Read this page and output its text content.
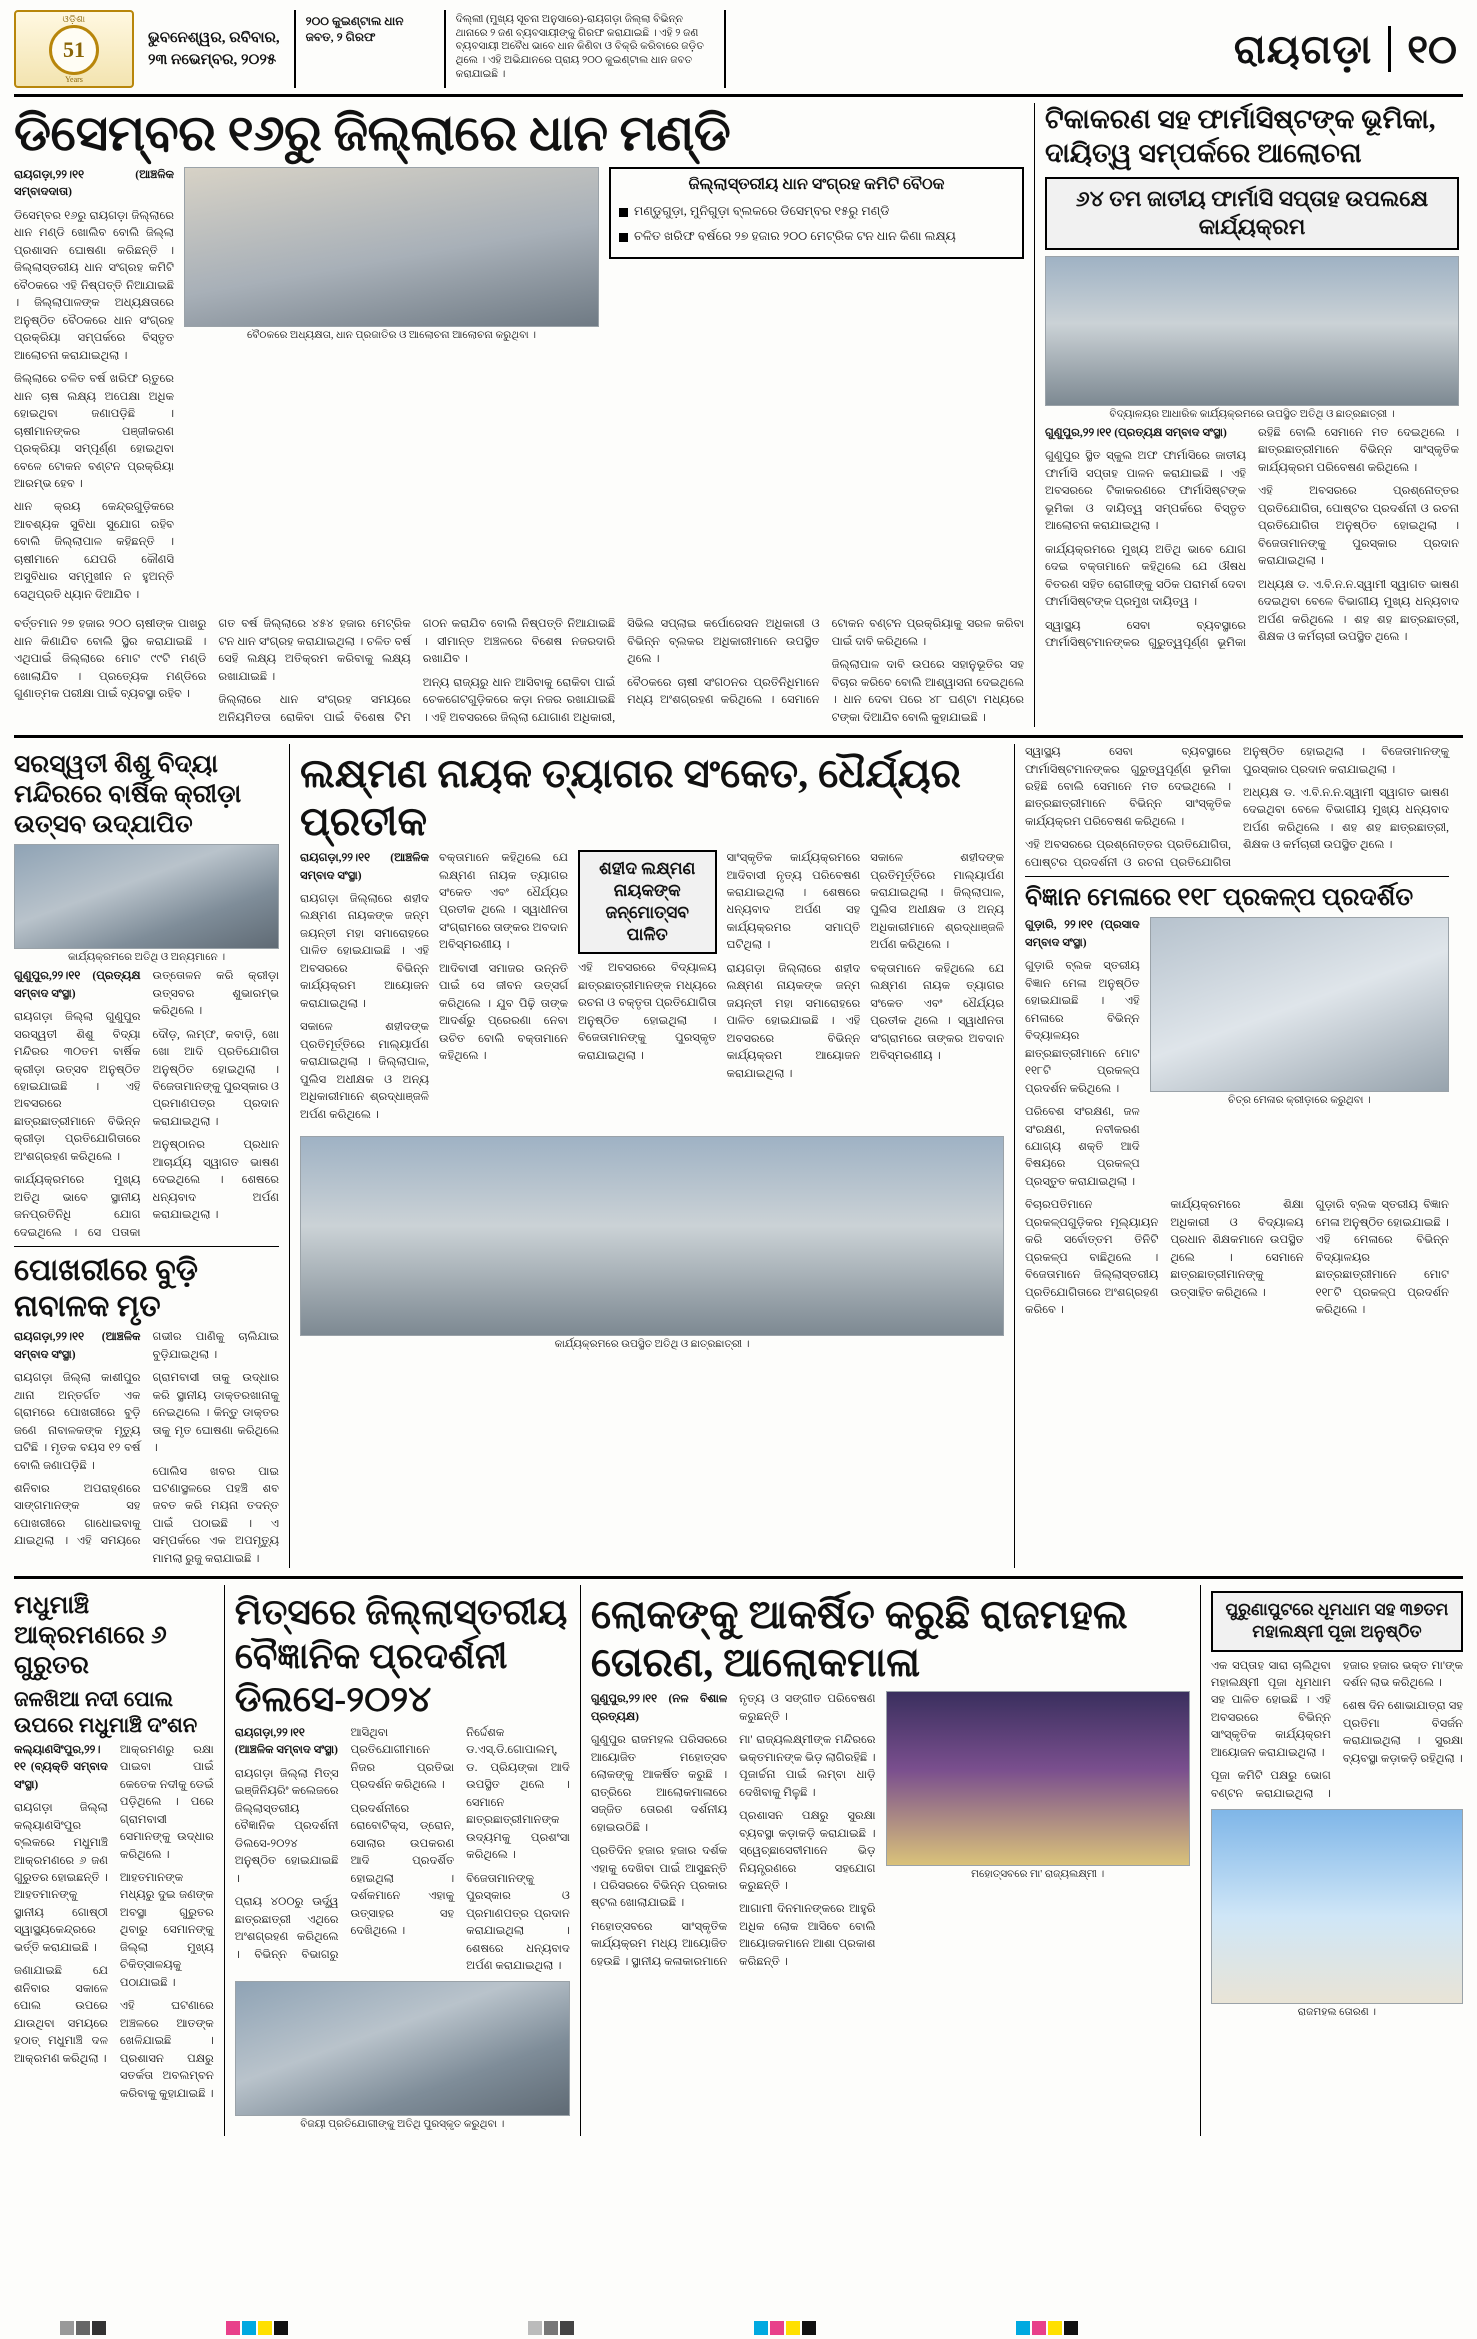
ଓଡ଼ିଶା
51
Years
ଭୁବନେଶ୍ୱର, ରବିବାର,
୨୩ ନଭେମ୍ବର, ୨୦୨୫
୨୦୦ କୁଇଣ୍ଟାଲ ଧାନ ଜବତ, ୨ ଗିରଫ
ଦିଲ୍ଲୀ (ମୁଖ୍ୟ ସୂଚନା ଅନୁସାରେ)-ରାୟଗଡ଼ା ଜିଲ୍ଲା ବିଭିନ୍ନ ଥାନାରେ ୨ ଜଣ ବ୍ୟବସାୟୀଙ୍କୁ ଗିରଫ କରାଯାଇଛି । ଏହି ୨ ଜଣ ବ୍ୟବସାୟୀ ଅବୈଧ ଭାବେ ଧାନ କିଣିବା ଓ ବିକ୍ରି କରିବାରେ ଜଡ଼ିତ ଥିଲେ । ଏହି ଅଭିଯାନରେ ପ୍ରାୟ ୨୦୦ କୁଇଣ୍ଟାଲ ଧାନ ଜବତ କରାଯାଇଛି ।
ରାୟଗଡ଼ା ୧୦
ଡିସେମ୍ବର ୧୬ରୁ ଜିଲ୍ଲାରେ ଧାନ ମଣ୍ଡି

ରାୟଗଡ଼ା,୨୨।୧୧ (ଆଞ୍ଚଳିକ ସମ୍ବାଦଦାତା)

ଡିସେମ୍ବର ୧୬ରୁ ରାୟଗଡ଼ା ଜିଲ୍ଲାରେ ଧାନ ମଣ୍ଡି ଖୋଲିବ ବୋଲି ଜିଲ୍ଲା ପ୍ରଶାସନ ଘୋଷଣା କରିଛନ୍ତି । ଜିଲ୍ଲାସ୍ତରୀୟ ଧାନ ସଂଗ୍ରହ କମିଟି ବୈଠକରେ ଏହି ନିଷ୍ପତ୍ତି ନିଆଯାଇଛି । ଜିଲ୍ଲାପାଳଙ୍କ ଅଧ୍ୟକ୍ଷତାରେ ଅନୁଷ୍ଠିତ ବୈଠକରେ ଧାନ ସଂଗ୍ରହ ପ୍ରକ୍ରିୟା ସମ୍ପର୍କରେ ବିସ୍ତୃତ ଆଲୋଚନା କରାଯାଇଥିଲା ।

ଜିଲ୍ଲାରେ ଚଳିତ ବର୍ଷ ଖରିଫ ଋତୁରେ ଧାନ ଚାଷ ଲକ୍ଷ୍ୟ ଅପେକ୍ଷା ଅଧିକ ହୋଇଥିବା ଜଣାପଡ଼ିଛି । ଚାଷୀମାନଙ୍କର ପଞ୍ଜୀକରଣ ପ୍ରକ୍ରିୟା ସମ୍ପୂର୍ଣ୍ଣ ହୋଇଥିବା ବେଳେ ଟୋକନ ବଣ୍ଟନ ପ୍ରକ୍ରିୟା ଆରମ୍ଭ ହେବ ।

ଧାନ କ୍ରୟ କେନ୍ଦ୍ରଗୁଡ଼ିକରେ ଆବଶ୍ୟକ ସୁବିଧା ସୁଯୋଗ ରହିବ ବୋଲି ଜିଲ୍ଲାପାଳ କହିଛନ୍ତି । ଚାଷୀମାନେ ଯେପରି କୌଣସି ଅସୁବିଧାର ସମ୍ମୁଖୀନ ନ ହୁଅନ୍ତି ସେଥିପ୍ରତି ଧ୍ୟାନ ଦିଆଯିବ ।

ବୈଠକରେ ଅଧ୍ୟକ୍ଷତା, ଧାନ ପ୍ରଜାତିର ଓ ଆଲୋଚନା ଆଲୋଚନା କରୁଥିବା ।
ଜିଲ୍ଲାସ୍ତରୀୟ ଧାନ ସଂଗ୍ରହ କମିଟି ବୈଠକ
ମଣ୍ଡୁଗୁଡ଼ା, ମୁନିଗୁଡ଼ା ବ୍ଲକରେ ଡିସେମ୍ବର ୧୫ରୁ ମଣ୍ଡି
ଚଳିତ ଖରିଫ ବର୍ଷରେ ୨୭ ହଜାର ୨୦୦ ମେଟ୍ରିକ ଟନ ଧାନ କିଣା ଲକ୍ଷ୍ୟ

ବର୍ତ୍ତମାନ ୨୭ ହଜାର ୨୦୦ ଚାଷୀଙ୍କ ପାଖରୁ ଧାନ କିଣାଯିବ ବୋଲି ସ୍ଥିର କରାଯାଇଛି । ଏଥିପାଇଁ ଜିଲ୍ଲାରେ ମୋଟ ୯୯ଟି ମଣ୍ଡି ଖୋଲାଯିବ । ପ୍ରତ୍ୟେକ ମଣ୍ଡିରେ ଗୁଣାତ୍ମକ ପରୀକ୍ଷା ପାଇଁ ବ୍ୟବସ୍ଥା ରହିବ ।

ଗତ ବର୍ଷ ଜିଲ୍ଲାରେ ୪୫୪ ହଜାର ମେଟ୍ରିକ ଟନ ଧାନ ସଂଗ୍ରହ କରାଯାଇଥିଲା । ଚଳିତ ବର୍ଷ ସେହି ଲକ୍ଷ୍ୟ ଅତିକ୍ରମ କରିବାକୁ ଲକ୍ଷ୍ୟ ରଖାଯାଇଛି ।

ଜିଲ୍ଲାରେ ଧାନ ସଂଗ୍ରହ ସମୟରେ ଅନିୟମିତତା ରୋକିବା ପାଇଁ ବିଶେଷ ଟିମ ଗଠନ କରାଯିବ ବୋଲି ନିଷ୍ପତ୍ତି ନିଆଯାଇଛି । ସୀମାନ୍ତ ଅଞ୍ଚଳରେ ବିଶେଷ ନଜରଦାରି ରଖାଯିବ ।

ଅନ୍ୟ ରାଜ୍ୟରୁ ଧାନ ଆସିବାକୁ ରୋକିବା ପାଇଁ ଚେକଗେଟଗୁଡ଼ିକରେ କଡ଼ା ନଜର ରଖାଯାଇଛି । ଏହି ଅବସରରେ ଜିଲ୍ଲା ଯୋଗାଣ ଅଧିକାରୀ, ସିଭିଲ ସପ୍ଲାଇ କର୍ପୋରେସନ ଅଧିକାରୀ ଓ ବିଭିନ୍ନ ବ୍ଲକର ଅଧିକାରୀମାନେ ଉପସ୍ଥିତ ଥିଲେ ।

ବୈଠକରେ ଚାଷୀ ସଂଗଠନର ପ୍ରତିନିଧିମାନେ ମଧ୍ୟ ଅଂଶଗ୍ରହଣ କରିଥିଲେ । ସେମାନେ ଟୋକନ ବଣ୍ଟନ ପ୍ରକ୍ରିୟାକୁ ସରଳ କରିବା ପାଇଁ ଦାବି କରିଥିଲେ ।

ଜିଲ୍ଲାପାଳ ଦାବି ଉପରେ ସହାନୁଭୂତିର ସହ ବିଚାର କରିବେ ବୋଲି ଆଶ୍ୱାସନା ଦେଇଥିଲେ । ଧାନ ଦେବା ପରେ ୪୮ ଘଣ୍ଟା ମଧ୍ୟରେ ଟଙ୍କା ଦିଆଯିବ ବୋଲି କୁହାଯାଇଛି ।

ଟିକାକରଣ ସହ ଫାର୍ମାସିଷ୍ଟଙ୍କ ଭୂମିକା, ଦାୟିତ୍ୱ ସମ୍ପର୍କରେ ଆଲୋଚନା
୬୪ ତମ ଜାତୀୟ ଫାର୍ମାସି ସପ୍ତାହ ଉପଲକ୍ଷେ କାର୍ଯ୍ୟକ୍ରମ
ବିଦ୍ୟାଳୟର ଆଧାରିକ କାର୍ଯ୍ୟକ୍ରମରେ ଉପସ୍ଥିତ ଅତିଥି ଓ ଛାତ୍ରଛାତ୍ରୀ ।

ଗୁଣୁପୁର,୨୨।୧୧ (ପ୍ରତ୍ୟକ୍ଷ ସମ୍ବାଦ ସଂସ୍ଥା)

ଗୁଣୁପୁର ସ୍ଥିତ ସ୍କୁଲ ଅଫ ଫାର୍ମାସିରେ ଜାତୀୟ ଫାର୍ମାସି ସପ୍ତାହ ପାଳନ କରାଯାଇଛି । ଏହି ଅବସରରେ ଟିକାକରଣରେ ଫାର୍ମାସିଷ୍ଟଙ୍କ ଭୂମିକା ଓ ଦାୟିତ୍ୱ ସମ୍ପର୍କରେ ବିସ୍ତୃତ ଆଲୋଚନା କରାଯାଇଥିଲା ।

କାର୍ଯ୍ୟକ୍ରମରେ ମୁଖ୍ୟ ଅତିଥି ଭାବେ ଯୋଗ ଦେଇ ବକ୍ତାମାନେ କହିଥିଲେ ଯେ ଔଷଧ ବିତରଣ ସହିତ ରୋଗୀଙ୍କୁ ସଠିକ ପରାମର୍ଶ ଦେବା ଫାର୍ମାସିଷ୍ଟଙ୍କ ପ୍ରମୁଖ ଦାୟିତ୍ୱ ।

ସ୍ୱାସ୍ଥ୍ୟ ସେବା ବ୍ୟବସ୍ଥାରେ ଫାର୍ମାସିଷ୍ଟମାନଙ୍କର ଗୁରୁତ୍ୱପୂର୍ଣ୍ଣ ଭୂମିକା ରହିଛି ବୋଲି ସେମାନେ ମତ ଦେଇଥିଲେ । ଛାତ୍ରଛାତ୍ରୀମାନେ ବିଭିନ୍ନ ସାଂସ୍କୃତିକ କାର୍ଯ୍ୟକ୍ରମ ପରିବେଷଣ କରିଥିଲେ ।

ଏହି ଅବସରରେ ପ୍ରଶ୍ନୋତ୍ତର ପ୍ରତିଯୋଗିତା, ପୋଷ୍ଟର ପ୍ରଦର୍ଶନୀ ଓ ରଚନା ପ୍ରତିଯୋଗିତା ଅନୁଷ୍ଠିତ ହୋଇଥିଲା । ବିଜେତାମାନଙ୍କୁ ପୁରସ୍କାର ପ୍ରଦାନ କରାଯାଇଥିଲା ।

ଅଧ୍ୟକ୍ଷ ଡ. ଏ.ବି.ନ.ନ.ସ୍ୱାମୀ ସ୍ୱାଗତ ଭାଷଣ ଦେଇଥିବା ବେଳେ ବିଭାଗୀୟ ମୁଖ୍ୟ ଧନ୍ୟବାଦ ଅର୍ପଣ କରିଥିଲେ । ଶହ ଶହ ଛାତ୍ରଛାତ୍ରୀ, ଶିକ୍ଷକ ଓ କର୍ମଚାରୀ ଉପସ୍ଥିତ ଥିଲେ ।

ସରସ୍ୱତୀ ଶିଶୁ ବିଦ୍ୟା ମନ୍ଦିରରେ ବାର୍ଷିକ କ୍ରୀଡ଼ା ଉତ୍ସବ ଉଦ୍‌ଯାପିତ
କାର୍ଯ୍ୟକ୍ରମରେ ଅତିଥି ଓ ଅନ୍ୟମାନେ ।

ଗୁଣୁପୁର,୨୨।୧୧ (ପ୍ରତ୍ୟକ୍ଷ ସମ୍ବାଦ ସଂସ୍ଥା)

ରାୟଗଡ଼ା ଜିଲ୍ଲା ଗୁଣୁପୁର ସରସ୍ୱତୀ ଶିଶୁ ବିଦ୍ୟା ମନ୍ଦିରର ୩୦ତମ ବାର୍ଷିକ କ୍ରୀଡ଼ା ଉତ୍ସବ ଅନୁଷ୍ଠିତ ହୋଇଯାଇଛି । ଏହି ଅବସରରେ ଛାତ୍ରଛାତ୍ରୀମାନେ ବିଭିନ୍ନ କ୍ରୀଡ଼ା ପ୍ରତିଯୋଗିତାରେ ଅଂଶଗ୍ରହଣ କରିଥିଲେ ।

କାର୍ଯ୍ୟକ୍ରମରେ ମୁଖ୍ୟ ଅତିଥି ଭାବେ ସ୍ଥାନୀୟ ଜନପ୍ରତିନିଧି ଯୋଗ ଦେଇଥିଲେ । ସେ ପତାକା ଉତ୍ତୋଳନ କରି କ୍ରୀଡ଼ା ଉତ୍ସବର ଶୁଭାରମ୍ଭ କରିଥିଲେ ।

ଦୌଡ଼, ଲମ୍ଫ, କବାଡ଼ି, ଖୋ ଖୋ ଆଦି ପ୍ରତିଯୋଗିତା ଅନୁଷ୍ଠିତ ହୋଇଥିଲା । ବିଜେତାମାନଙ୍କୁ ପୁରସ୍କାର ଓ ପ୍ରମାଣପତ୍ର ପ୍ରଦାନ କରାଯାଇଥିଲା ।

ଅନୁଷ୍ଠାନର ପ୍ରଧାନ ଆଚାର୍ଯ୍ୟ ସ୍ୱାଗତ ଭାଷଣ ଦେଇଥିଲେ । ଶେଷରେ ଧନ୍ୟବାଦ ଅର୍ପଣ କରାଯାଇଥିଲା ।

ପୋଖରୀରେ ବୁଡ଼ି ନାବାଳକ ମୃତ

ରାୟଗଡ଼ା,୨୨।୧୧ (ଆଞ୍ଚଳିକ ସମ୍ବାଦ ସଂସ୍ଥା)

ରାୟଗଡ଼ା ଜିଲ୍ଲା କାଶୀପୁର ଥାନା ଅନ୍ତର୍ଗତ ଏକ ଗ୍ରାମରେ ପୋଖରୀରେ ବୁଡ଼ି ଜଣେ ନାବାଳକଙ୍କ ମୃତ୍ୟୁ ଘଟିଛି । ମୃତକ ବୟସ ୧୨ ବର୍ଷ ବୋଲି ଜଣାପଡ଼ିଛି ।

ଶନିବାର ଅପରାହ୍ଣରେ ସାଙ୍ଗମାନଙ୍କ ସହ ପୋଖରୀରେ ଗାଧୋଇବାକୁ ଯାଇଥିଲା । ଏହି ସମୟରେ ଗଭୀର ପାଣିକୁ ଚାଲିଯାଇ ବୁଡ଼ିଯାଇଥିଲା ।

ଗ୍ରାମବାସୀ ତାକୁ ଉଦ୍ଧାର କରି ସ୍ଥାନୀୟ ଡାକ୍ତରଖାନାକୁ ନେଇଥିଲେ । କିନ୍ତୁ ଡାକ୍ତର ତାକୁ ମୃତ ଘୋଷଣା କରିଥିଲେ ।

ପୋଲିସ ଖବର ପାଇ ଘଟଣାସ୍ଥଳରେ ପହଞ୍ଚି ଶବ ଜବତ କରି ମୟନା ତଦନ୍ତ ପାଇଁ ପଠାଇଛି । ଏ ସମ୍ପର୍କରେ ଏକ ଅପମୃତ୍ୟୁ ମାମଲା ରୁଜୁ କରାଯାଇଛି ।

ଲକ୍ଷ୍ମଣ ନାୟକ ତ୍ୟାଗର ସଂକେତ, ଧୈର୍ଯ୍ୟର ପ୍ରତୀକ

ରାୟଗଡ଼ା,୨୨।୧୧ (ଆଞ୍ଚଳିକ ସମ୍ବାଦ ସଂସ୍ଥା)

ରାୟଗଡ଼ା ଜିଲ୍ଲାରେ ଶହୀଦ ଲକ୍ଷ୍ମଣ ନାୟକଙ୍କ ଜନ୍ମ ଜୟନ୍ତୀ ମହା ସମାରୋହରେ ପାଳିତ ହୋଇଯାଇଛି । ଏହି ଅବସରରେ ବିଭିନ୍ନ କାର୍ଯ୍ୟକ୍ରମ ଆୟୋଜନ କରାଯାଇଥିଲା ।

ସକାଳେ ଶହୀଦଙ୍କ ପ୍ରତିମୂର୍ତ୍ତିରେ ମାଲ୍ୟାର୍ପଣ କରାଯାଇଥିଲା । ଜିଲ୍ଲାପାଳ, ପୁଲିସ ଅଧୀକ୍ଷକ ଓ ଅନ୍ୟ ଅଧିକାରୀମାନେ ଶ୍ରଦ୍ଧାଞ୍ଜଳି ଅର୍ପଣ କରିଥିଲେ ।

ବକ୍ତାମାନେ କହିଥିଲେ ଯେ ଲକ୍ଷ୍ମଣ ନାୟକ ତ୍ୟାଗର ସଂକେତ ଏବଂ ଧୈର୍ଯ୍ୟର ପ୍ରତୀକ ଥିଲେ । ସ୍ୱାଧୀନତା ସଂଗ୍ରାମରେ ତାଙ୍କର ଅବଦାନ ଅବିସ୍ମରଣୀୟ ।

ଆଦିବାସୀ ସମାଜର ଉନ୍ନତି ପାଇଁ ସେ ଜୀବନ ଉତ୍ସର୍ଗ କରିଥିଲେ । ଯୁବ ପିଢ଼ି ତାଙ୍କ ଆଦର୍ଶରୁ ପ୍ରେରଣା ନେବା ଉଚିତ ବୋଲି ବକ୍ତାମାନେ କହିଥିଲେ ।

ଶହୀଦ ଲକ୍ଷ୍ମଣ ନାୟକଙ୍କ ଜନ୍ମୋତ୍ସବ ପାଳିତ

ଏହି ଅବସରରେ ବିଦ୍ୟାଳୟ ଛାତ୍ରଛାତ୍ରୀମାନଙ୍କ ମଧ୍ୟରେ ରଚନା ଓ ବକ୍ତୃତା ପ୍ରତିଯୋଗିତା ଅନୁଷ୍ଠିତ ହୋଇଥିଲା । ବିଜେତାମାନଙ୍କୁ ପୁରସ୍କୃତ କରାଯାଇଥିଲା ।

ସାଂସ୍କୃତିକ କାର୍ଯ୍ୟକ୍ରମରେ ଆଦିବାସୀ ନୃତ୍ୟ ପରିବେଷଣ କରାଯାଇଥିଲା । ଶେଷରେ ଧନ୍ୟବାଦ ଅର୍ପଣ ସହ କାର୍ଯ୍ୟକ୍ରମର ସମାପ୍ତି ଘଟିଥିଲା ।

ରାୟଗଡ଼ା ଜିଲ୍ଲାରେ ଶହୀଦ ଲକ୍ଷ୍ମଣ ନାୟକଙ୍କ ଜନ୍ମ ଜୟନ୍ତୀ ମହା ସମାରୋହରେ ପାଳିତ ହୋଇଯାଇଛି । ଏହି ଅବସରରେ ବିଭିନ୍ନ କାର୍ଯ୍ୟକ୍ରମ ଆୟୋଜନ କରାଯାଇଥିଲା ।

ସକାଳେ ଶହୀଦଙ୍କ ପ୍ରତିମୂର୍ତ୍ତିରେ ମାଲ୍ୟାର୍ପଣ କରାଯାଇଥିଲା । ଜିଲ୍ଲାପାଳ, ପୁଲିସ ଅଧୀକ୍ଷକ ଓ ଅନ୍ୟ ଅଧିକାରୀମାନେ ଶ୍ରଦ୍ଧାଞ୍ଜଳି ଅର୍ପଣ କରିଥିଲେ ।

ବକ୍ତାମାନେ କହିଥିଲେ ଯେ ଲକ୍ଷ୍ମଣ ନାୟକ ତ୍ୟାଗର ସଂକେତ ଏବଂ ଧୈର୍ଯ୍ୟର ପ୍ରତୀକ ଥିଲେ । ସ୍ୱାଧୀନତା ସଂଗ୍ରାମରେ ତାଙ୍କର ଅବଦାନ ଅବିସ୍ମରଣୀୟ ।

କାର୍ଯ୍ୟକ୍ରମରେ ଉପସ୍ଥିତ ଅତିଥି ଓ ଛାତ୍ରଛାତ୍ରୀ ।

ସ୍ୱାସ୍ଥ୍ୟ ସେବା ବ୍ୟବସ୍ଥାରେ ଫାର୍ମାସିଷ୍ଟମାନଙ୍କର ଗୁରୁତ୍ୱପୂର୍ଣ୍ଣ ଭୂମିକା ରହିଛି ବୋଲି ସେମାନେ ମତ ଦେଇଥିଲେ । ଛାତ୍ରଛାତ୍ରୀମାନେ ବିଭିନ୍ନ ସାଂସ୍କୃତିକ କାର୍ଯ୍ୟକ୍ରମ ପରିବେଷଣ କରିଥିଲେ ।

ଏହି ଅବସରରେ ପ୍ରଶ୍ନୋତ୍ତର ପ୍ରତିଯୋଗିତା, ପୋଷ୍ଟର ପ୍ରଦର୍ଶନୀ ଓ ରଚନା ପ୍ରତିଯୋଗିତା ଅନୁଷ୍ଠିତ ହୋଇଥିଲା । ବିଜେତାମାନଙ୍କୁ ପୁରସ୍କାର ପ୍ରଦାନ କରାଯାଇଥିଲା ।

ଅଧ୍ୟକ୍ଷ ଡ. ଏ.ବି.ନ.ନ.ସ୍ୱାମୀ ସ୍ୱାଗତ ଭାଷଣ ଦେଇଥିବା ବେଳେ ବିଭାଗୀୟ ମୁଖ୍ୟ ଧନ୍ୟବାଦ ଅର୍ପଣ କରିଥିଲେ । ଶହ ଶହ ଛାତ୍ରଛାତ୍ରୀ, ଶିକ୍ଷକ ଓ କର୍ମଚାରୀ ଉପସ୍ଥିତ ଥିଲେ ।

ବିଜ୍ଞାନ ମେଳାରେ ୧୧୮ ପ୍ରକଳ୍ପ ପ୍ରଦର୍ଶିତ

ଗୁଡ଼ାରି, ୨୨।୧୧ (ପ୍ରସାଦ ସମ୍ବାଦ ସଂସ୍ଥା)

ଗୁଡ଼ାରି ବ୍ଲକ ସ୍ତରୀୟ ବିଜ୍ଞାନ ମେଳା ଅନୁଷ୍ଠିତ ହୋଇଯାଇଛି । ଏହି ମେଳାରେ ବିଭିନ୍ନ ବିଦ୍ୟାଳୟର ଛାତ୍ରଛାତ୍ରୀମାନେ ମୋଟ ୧୧୮ଟି ପ୍ରକଳ୍ପ ପ୍ରଦର୍ଶନ କରିଥିଲେ ।

ପରିବେଶ ସଂରକ୍ଷଣ, ଜଳ ସଂରକ୍ଷଣ, ନବୀକରଣ ଯୋଗ୍ୟ ଶକ୍ତି ଆଦି ବିଷୟରେ ପ୍ରକଳ୍ପ ପ୍ରସ୍ତୁତ କରାଯାଇଥିଲା ।

ଚିତ୍ର ମେଳାର କ୍ରୀଡ଼ାରେ କରୁଥିବା ।

ବିଚାରପତିମାନେ ପ୍ରକଳ୍ପଗୁଡ଼ିକର ମୂଲ୍ୟାୟନ କରି ସର୍ବୋତ୍ତମ ତିନିଟି ପ୍ରକଳ୍ପ ବାଛିଥିଲେ । ବିଜେତାମାନେ ଜିଲ୍ଲାସ୍ତରୀୟ ପ୍ରତିଯୋଗିତାରେ ଅଂଶଗ୍ରହଣ କରିବେ ।

କାର୍ଯ୍ୟକ୍ରମରେ ଶିକ୍ଷା ଅଧିକାରୀ ଓ ବିଦ୍ୟାଳୟ ପ୍ରଧାନ ଶିକ୍ଷକମାନେ ଉପସ୍ଥିତ ଥିଲେ । ସେମାନେ ଛାତ୍ରଛାତ୍ରୀମାନଙ୍କୁ ଉତ୍ସାହିତ କରିଥିଲେ ।

ଗୁଡ଼ାରି ବ୍ଲକ ସ୍ତରୀୟ ବିଜ୍ଞାନ ମେଳା ଅନୁଷ୍ଠିତ ହୋଇଯାଇଛି । ଏହି ମେଳାରେ ବିଭିନ୍ନ ବିଦ୍ୟାଳୟର ଛାତ୍ରଛାତ୍ରୀମାନେ ମୋଟ ୧୧୮ଟି ପ୍ରକଳ୍ପ ପ୍ରଦର୍ଶନ କରିଥିଲେ ।

ମଧୁମାଞ୍ଚି ଆକ୍ରମଣରେ ୬ ଗୁରୁତର
ଜଳଖିଆ ନଦୀ ପୋଲ ଉପରେ ମଧୁମାଞ୍ଚି ଦଂଶନ

କଲ୍ୟାଣସିଂପୁର,୨୨।୧୧ (ବ୍ୟକ୍ତି ସମ୍ବାଦ ସଂସ୍ଥା)

ରାୟଗଡ଼ା ଜିଲ୍ଲା କଲ୍ୟାଣସିଂପୁର ବ୍ଲକରେ ମଧୁମାଞ୍ଚି ଆକ୍ରମଣରେ ୬ ଜଣ ଗୁରୁତର ହୋଇଛନ୍ତି । ଆହତମାନଙ୍କୁ ସ୍ଥାନୀୟ ଗୋଷ୍ଠୀ ସ୍ୱାସ୍ଥ୍ୟକେନ୍ଦ୍ରରେ ଭର୍ତ୍ତି କରାଯାଇଛି ।

ଜଣାଯାଇଛି ଯେ ଶନିବାର ସକାଳେ ପୋଲ ଉପରେ ଯାଉଥିବା ସମୟରେ ହଠାତ୍ ମଧୁମାଞ୍ଚି ଦଳ ଆକ୍ରମଣ କରିଥିଲା ।

ଆକ୍ରମଣରୁ ରକ୍ଷା ପାଇବା ପାଇଁ କେତେକ ନଦୀକୁ ଡେଇଁ ପଡ଼ିଥିଲେ । ପରେ ଗ୍ରାମବାସୀ ସେମାନଙ୍କୁ ଉଦ୍ଧାର କରିଥିଲେ ।

ଆହତମାନଙ୍କ ମଧ୍ୟରୁ ଦୁଇ ଜଣଙ୍କ ଅବସ୍ଥା ଗୁରୁତର ଥିବାରୁ ସେମାନଙ୍କୁ ଜିଲ୍ଲା ମୁଖ୍ୟ ଚିକିତ୍ସାଳୟକୁ ପଠାଯାଇଛି ।

ଏହି ଘଟଣାରେ ଅଞ୍ଚଳରେ ଆତଙ୍କ ଖେଳିଯାଇଛି । ପ୍ରଶାସନ ପକ୍ଷରୁ ସତର୍କତା ଅବଲମ୍ବନ କରିବାକୁ କୁହାଯାଇଛି ।

ମିତ୍ସରେ ଜିଲ୍ଲାସ୍ତରୀୟ ବୈଜ୍ଞାନିକ ପ୍ରଦର୍ଶନୀ ଡିଲସେ-୨୦୨୪

ରାୟଗଡ଼ା,୨୨।୧୧ (ଆଞ୍ଚଳିକ ସମ୍ବାଦ ସଂସ୍ଥା)

ରାୟଗଡ଼ା ଜିଲ୍ଲା ମିତ୍ସ ଇଞ୍ଜିନିୟରିଂ କଲେଜରେ ଜିଲ୍ଲାସ୍ତରୀୟ ବୈଜ୍ଞାନିକ ପ୍ରଦର୍ଶନୀ ଡିଲସେ-୨୦୨୪ ଅନୁଷ୍ଠିତ ହୋଇଯାଇଛି ।

ପ୍ରାୟ ୪୦୦ରୁ ଊର୍ଦ୍ଧ୍ୱ ଛାତ୍ରଛାତ୍ରୀ ଏଥିରେ ଅଂଶଗ୍ରହଣ କରିଥିଲେ । ବିଭିନ୍ନ ବିଭାଗରୁ ଆସିଥିବା ପ୍ରତିଯୋଗୀମାନେ ନିଜର ପ୍ରତିଭା ପ୍ରଦର୍ଶନ କରିଥିଲେ ।

ପ୍ରଦର୍ଶନୀରେ ରୋବୋଟିକ୍ସ, ଡ୍ରୋନ, ସୋଲାର ଉପକରଣ ଆଦି ପ୍ରଦର୍ଶିତ ହୋଇଥିଲା । ଦର୍ଶକମାନେ ଏହାକୁ ଉତ୍ସାହର ସହ ଦେଖିଥିଲେ ।

ନିର୍ଦ୍ଦେଶକ ଡ.ଏସ୍.ଡି.ଗୋପାଲମ୍, ଡ. ପ୍ରିୟଙ୍କା ଆଦି ଉପସ୍ଥିତ ଥିଲେ । ସେମାନେ ଛାତ୍ରଛାତ୍ରୀମାନଙ୍କ ଉଦ୍ୟମକୁ ପ୍ରଶଂସା କରିଥିଲେ ।

ବିଜେତାମାନଙ୍କୁ ପୁରସ୍କାର ଓ ପ୍ରମାଣପତ୍ର ପ୍ରଦାନ କରାଯାଇଥିଲା । ଶେଷରେ ଧନ୍ୟବାଦ ଅର୍ପଣ କରାଯାଇଥିଲା ।

ବିଜୟୀ ପ୍ରତିଯୋଗୀଙ୍କୁ ଅତିଥି ପୁରସ୍କୃତ କରୁଥିବା ।
ଲୋକଙ୍କୁ ଆକର୍ଷିତ କରୁଛି ରାଜମହଲ ତୋରଣ, ଆଲୋକମାଳା

ଗୁଣୁପୁର,୨୨।୧୧ (ନଳ ବିଶାଳ ପ୍ରତ୍ୟକ୍ଷ)

ଗୁଣୁପୁର ରାଜମହଲ ପରିସରରେ ଆୟୋଜିତ ମହୋତ୍ସବ ଲୋକଙ୍କୁ ଆକର୍ଷିତ କରୁଛି । ରାତ୍ରିରେ ଆଲୋକମାଳାରେ ସଜ୍ଜିତ ତୋରଣ ଦର୍ଶନୀୟ ହୋଇଉଠିଛି ।

ପ୍ରତିଦିନ ହଜାର ହଜାର ଦର୍ଶକ ଏହାକୁ ଦେଖିବା ପାଇଁ ଆସୁଛନ୍ତି । ପରିସରରେ ବିଭିନ୍ନ ପ୍ରକାର ଷ୍ଟଲ ଖୋଲାଯାଇଛି ।

ମହୋତ୍ସବରେ ସାଂସ୍କୃତିକ କାର୍ଯ୍ୟକ୍ରମ ମଧ୍ୟ ଆୟୋଜିତ ହେଉଛି । ସ୍ଥାନୀୟ କଳାକାରମାନେ ନୃତ୍ୟ ଓ ସଙ୍ଗୀତ ପରିବେଷଣ କରୁଛନ୍ତି ।

ମା' ରାଜ୍ୟଲକ୍ଷ୍ମୀଙ୍କ ମନ୍ଦିରରେ ଭକ୍ତମାନଙ୍କ ଭିଡ଼ ଲାଗିରହିଛି । ପୂଜାର୍ଚ୍ଚନା ପାଇଁ ଲମ୍ବା ଧାଡ଼ି ଦେଖିବାକୁ ମିଳୁଛି ।

ପ୍ରଶାସନ ପକ୍ଷରୁ ସୁରକ୍ଷା ବ୍ୟବସ୍ଥା କଡ଼ାକଡ଼ି କରାଯାଇଛି । ସ୍ୱେଚ୍ଛାସେବୀମାନେ ଭିଡ଼ ନିୟନ୍ତ୍ରଣରେ ସହଯୋଗ କରୁଛନ୍ତି ।

ଆଗାମୀ ଦିନମାନଙ୍କରେ ଆହୁରି ଅଧିକ ଲୋକ ଆସିବେ ବୋଲି ଆୟୋଜକମାନେ ଆଶା ପ୍ରକାଶ କରିଛନ୍ତି ।

ମହୋତ୍ସବରେ ମା' ରାଜ୍ୟଲକ୍ଷ୍ମୀ ।
ପୁରୁଣାପୁଟରେ ଧୂମଧାମ ସହ ୩୭ତମ ମହାଲକ୍ଷ୍ମୀ ପୂଜା ଅନୁଷ୍ଠିତ

ଏକ ସପ୍ତାହ ସାରା ଚାଲିଥିବା ମହାଲକ୍ଷ୍ମୀ ପୂଜା ଧୂମଧାମ ସହ ପାଳିତ ହୋଇଛି । ଏହି ଅବସରରେ ବିଭିନ୍ନ ସାଂସ୍କୃତିକ କାର୍ଯ୍ୟକ୍ରମ ଆୟୋଜନ କରାଯାଇଥିଲା ।

ପୂଜା କମିଟି ପକ୍ଷରୁ ଭୋଗ ବଣ୍ଟନ କରାଯାଇଥିଲା । ହଜାର ହଜାର ଭକ୍ତ ମା'ଙ୍କ ଦର୍ଶନ ଲାଭ କରିଥିଲେ ।

ଶେଷ ଦିନ ଶୋଭାଯାତ୍ରା ସହ ପ୍ରତିମା ବିସର୍ଜନ କରାଯାଇଥିଲା । ସୁରକ୍ଷା ବ୍ୟବସ୍ଥା କଡ଼ାକଡ଼ି ରହିଥିଲା ।

ରାଜମହଲ ତୋରଣ ।
